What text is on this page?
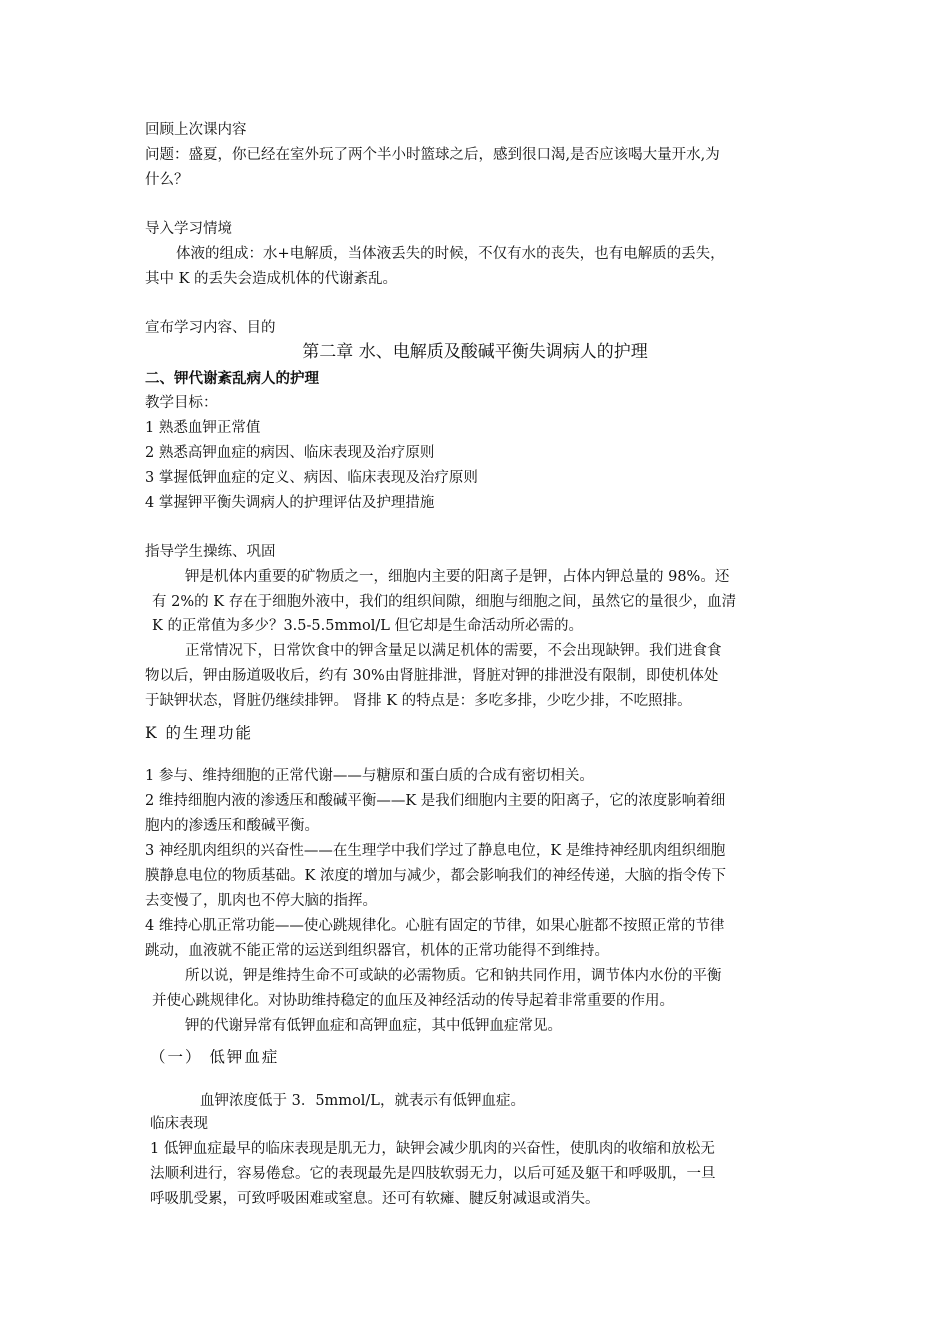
回顾上次课内容

问题：盛夏，你已经在室外玩了两个半小时篮球之后，感到很口渴,是否应该喝大量开水,为

什么？

导入学习情境

体液的组成：水+电解质，当体液丢失的时候，不仅有水的丧失，也有电解质的丢失，

其中 K 的丢失会造成机体的代谢紊乱。

宣布学习内容、目的

第二章 水、电解质及酸碱平衡失调病人的护理

二、钾代谢紊乱病人的护理

教学目标：

1 熟悉血钾正常值

2 熟悉高钾血症的病因、临床表现及治疗原则

3 掌握低钾血症的定义、病因、临床表现及治疗原则

4 掌握钾平衡失调病人的护理评估及护理措施

指导学生操练、巩固

钾是机体内重要的矿物质之一，细胞内主要的阳离子是钾，占体内钾总量的 98%。还

有 2%的 K 存在于细胞外液中，我们的组织间隙，细胞与细胞之间，虽然它的量很少，血清

K 的正常值为多少？3.5-5.5mmol/L 但它却是生命活动所必需的。

正常情况下，日常饮食中的钾含量足以满足机体的需要，不会出现缺钾。我们进食食

物以后，钾由肠道吸收后，约有 30%由肾脏排泄，肾脏对钾的排泄没有限制，即使机体处

于缺钾状态，肾脏仍继续排钾。 肾排 K 的特点是：多吃多排，少吃少排，不吃照排。

K 的生理功能

1 参与、维持细胞的正常代谢——与糖原和蛋白质的合成有密切相关。

2 维持细胞内液的渗透压和酸碱平衡——K 是我们细胞内主要的阳离子，它的浓度影响着细

胞内的渗透压和酸碱平衡。

3 神经肌肉组织的兴奋性——在生理学中我们学过了静息电位，K 是维持神经肌肉组织细胞

膜静息电位的物质基础。K 浓度的增加与减少，都会影响我们的神经传递，大脑的指令传下

去变慢了，肌肉也不停大脑的指挥。

4 维持心肌正常功能——使心跳规律化。心脏有固定的节律，如果心脏都不按照正常的节律

跳动，血液就不能正常的运送到组织器官，机体的正常功能得不到维持。

所以说，钾是维持生命不可或缺的必需物质。它和钠共同作用，调节体内水份的平衡

并使心跳规律化。对协助维持稳定的血压及神经活动的传导起着非常重要的作用。

钾的代谢异常有低钾血症和高钾血症，其中低钾血症常见。

（一） 低钾血症

血钾浓度低于 3．5mmol/L，就表示有低钾血症。

临床表现

1 低钾血症最早的临床表现是肌无力，缺钾会减少肌肉的兴奋性，使肌肉的收缩和放松无

法顺利进行，容易倦怠。它的表现最先是四肢软弱无力，以后可延及躯干和呼吸肌，一旦

呼吸肌受累，可致呼吸困难或窒息。还可有软瘫、腱反射减退或消失。
